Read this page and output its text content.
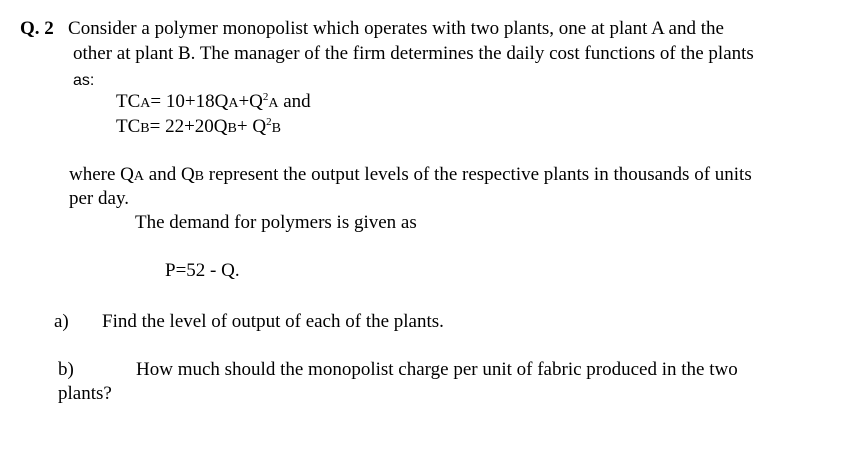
Q. 2 Consider a polymer monopolist which operates with two plants, one at plant A and the
other at plant B. The manager of the firm determines the daily cost functions of the plants
as:
$TCA= 10+18QA+Q^2A$ and
$TCB= 22+20QB+ Q^2B$
where QA and QB represent the output levels of the respective plants in thousands of units
per day.
The demand for polymers is given as
P=52 - Q.
a) Find the level of output of each of the plants.
b)	How much should the monopolist charge per unit of fabric produced in the two
plants?
